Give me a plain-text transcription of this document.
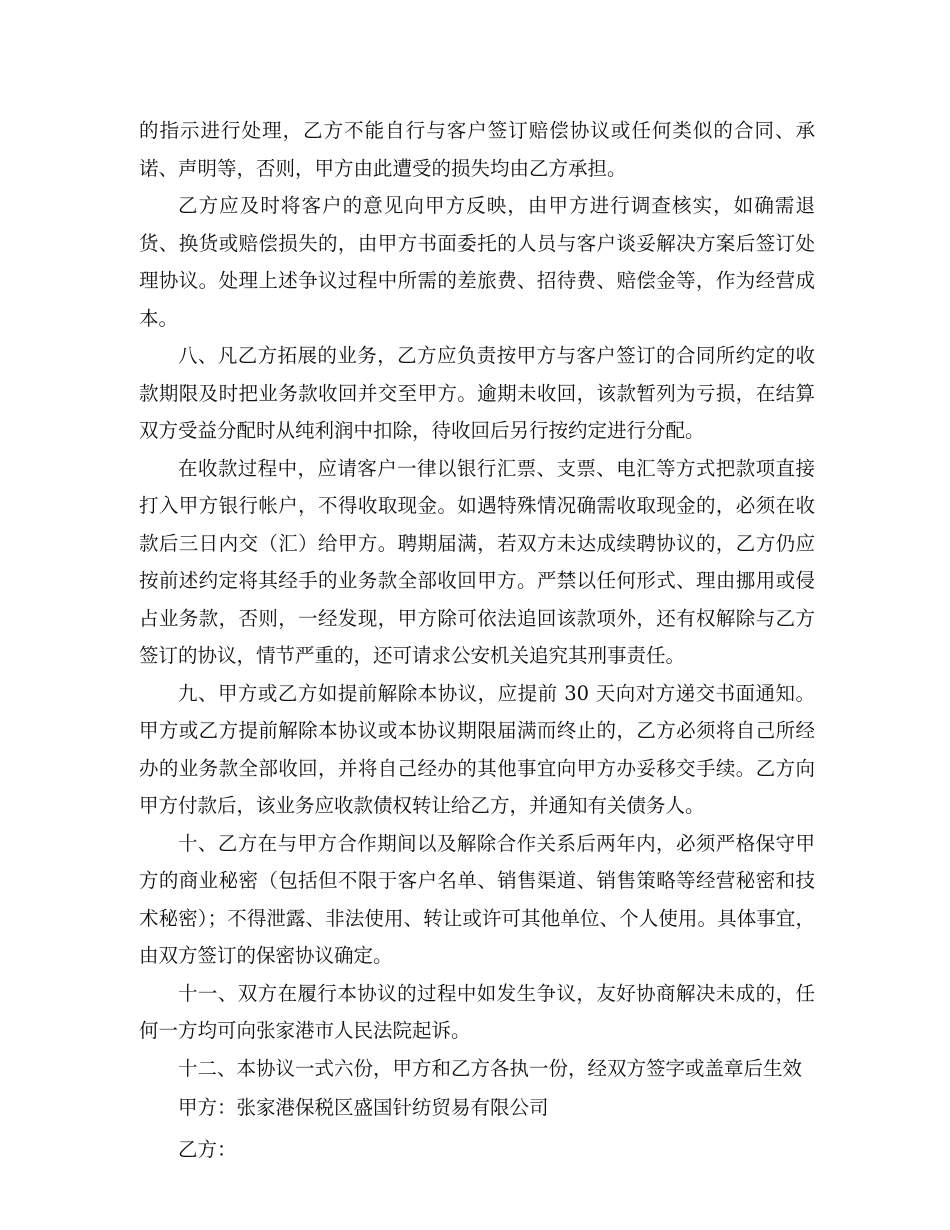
的指示进行处理，乙方不能自行与客户签订赔偿协议或任何类似的合同、承诺、声明等，否则，甲方由此遭受的损失均由乙方承担。

乙方应及时将客户的意见向甲方反映，由甲方进行调查核实，如确需退货、换货或赔偿损失的，由甲方书面委托的人员与客户谈妥解决方案后签订处理协议。处理上述争议过程中所需的差旅费、招待费、赔偿金等，作为经营成本。

八、凡乙方拓展的业务，乙方应负责按甲方与客户签订的合同所约定的收款期限及时把业务款收回并交至甲方。逾期未收回，该款暂列为亏损，在结算双方受益分配时从纯利润中扣除，待收回后另行按约定进行分配。

在收款过程中，应请客户一律以银行汇票、支票、电汇等方式把款项直接打入甲方银行帐户，不得收取现金。如遇特殊情况确需收取现金的，必须在收款后三日内交（汇）给甲方。聘期届满，若双方未达成续聘协议的，乙方仍应按前述约定将其经手的业务款全部收回甲方。严禁以任何形式、理由挪用或侵占业务款，否则，一经发现，甲方除可依法追回该款项外，还有权解除与乙方签订的协议，情节严重的，还可请求公安机关追究其刑事责任。

九、甲方或乙方如提前解除本协议，应提前 30 天向对方递交书面通知。甲方或乙方提前解除本协议或本协议期限届满而终止的，乙方必须将自己所经办的业务款全部收回，并将自己经办的其他事宜向甲方办妥移交手续。乙方向甲方付款后，该业务应收款债权转让给乙方，并通知有关债务人。

十、乙方在与甲方合作期间以及解除合作关系后两年内，必须严格保守甲方的商业秘密（包括但不限于客户名单、销售渠道、销售策略等经营秘密和技术秘密）；不得泄露、非法使用、转让或许可其他单位、个人使用。具体事宜，由双方签订的保密协议确定。

十一、双方在履行本协议的过程中如发生争议，友好协商解决未成的，任何一方均可向张家港市人民法院起诉。

十二、本协议一式六份，甲方和乙方各执一份，经双方签字或盖章后生效

甲方：张家港保税区盛国针纺贸易有限公司

乙方：
